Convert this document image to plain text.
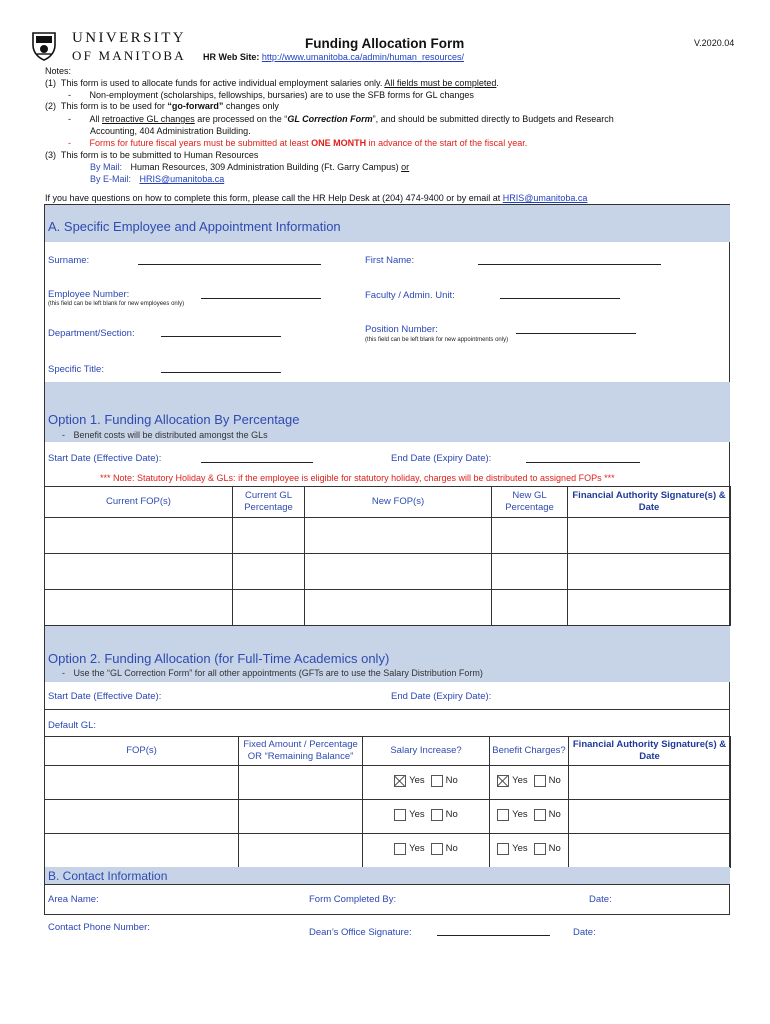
UNIVERSITY
OF MANITOBA
Funding Allocation Form	V.2020.04
HR Web Site: http://www.umanitoba.ca/admin/human_resources/
Notes:
(1) This form is used to allocate funds for active individual employment salaries only. All fields must be completed.
- Non-employment (scholarships, fellowships, bursaries) are to use the SFB forms for GL changes
(2) This form is to be used for “go-forward” changes only
- All retroactive GL changes are processed on the “GL Correction Form”, and should be submitted directly to Budgets and Research
Accounting, 404 Administration Building.
- Forms for future fiscal years must be submitted at least ONE MONTH in advance of the start of the fiscal year.
(3) This form is to be submitted to Human Resources
By Mail: Human Resources, 309 Administration Building (Ft. Garry Campus) or
By E-Mail: HRIS@umanitoba.ca
If you have questions on how to complete this form, please call the HR Help Desk at (204) 474-9400 or by email at HRIS@umanitoba.ca
A. Specific Employee and Appointment Information
Surname:	First Name:
Employee Number:
(this field can be left blank for new employees only)
Faculty / Admin. Unit:
Department/Section:	Position Number:
(this field can be left blank for new appointments only)
Specific Title:
Option 1. Funding Allocation By Percentage
- Benefit costs will be distributed amongst the GLs
Start Date (Effective Date):	End Date (Expiry Date):
*** Note: Statutory Holiday & GLs: if the employee is eligible for statutory holiday, charges will be distributed to assigned FOPs ***
Current FOP(s)	Current GL Percentage	New FOP(s)	New GL Percentage	Financial Authority Signature(s) & Date

Option 2. Funding Allocation (for Full-Time Academics only)
- Use the “GL Correction Form” for all other appointments (GFTs are to use the Salary Distribution Form)
Start Date (Effective Date):	End Date (Expiry Date):
Default GL:
FOP(s)	Fixed Amount / Percentage OR “Remaining Balance”	Salary Increase?	Benefit Charges?	Financial Authority Signature(s) & Date

		Yes No	Yes No	

		Yes No	Yes No	

		Yes No	Yes No	

B. Contact Information
Area Name:	Form Completed By:	Date:
Contact Phone Number:	Dean’s Office Signature:	Date:
